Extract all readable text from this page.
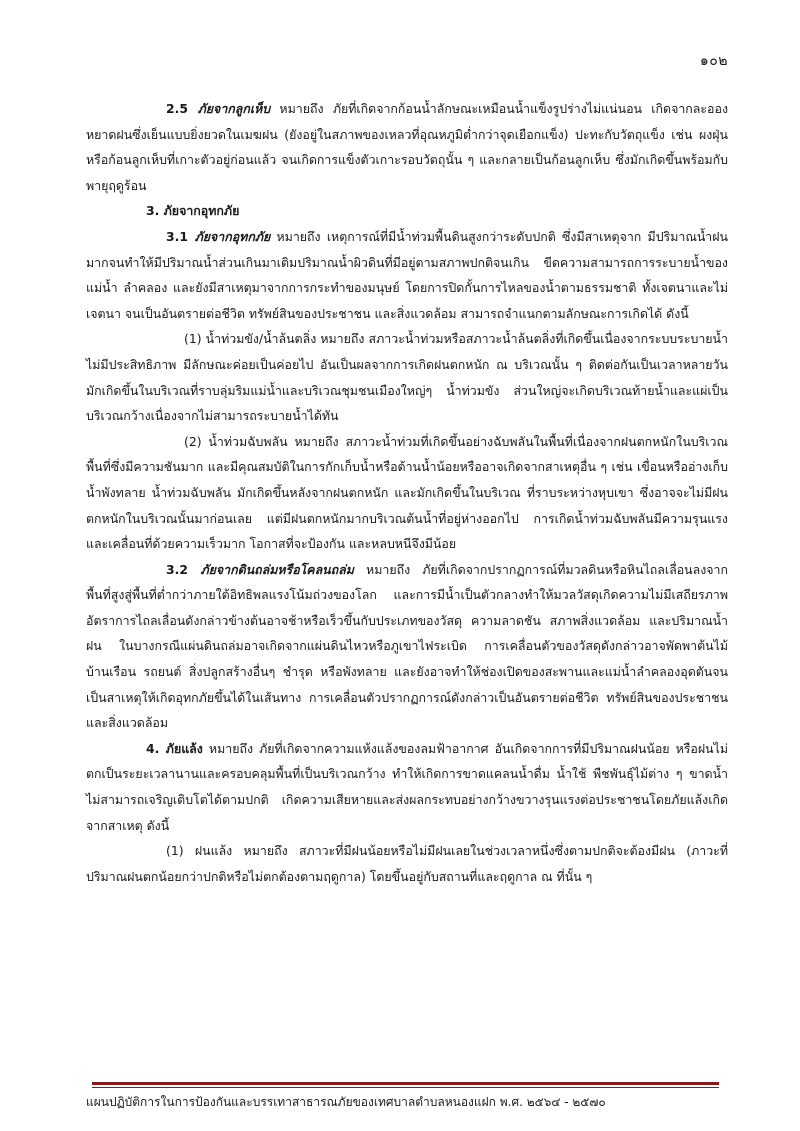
๑๐๒

2.5 ภัยจากลูกเห็บ หมายถึง ภัยที่เกิดจากก้อนน้ำลักษณะเหมือนน้ำแข็งรูปร่างไม่แน่นอน เกิดจากละอองหยาดฝนซึ่งเย็นแบบยิ่งยวดในเมฆฝน (ยังอยู่ในสภาพของเหลวที่อุณหภูมิต่ำกว่าจุดเยือกแข็ง) ปะทะกับวัตถุแข็ง เช่น ผงฝุ่น หรือก้อนลูกเห็บที่เกาะตัวอยู่ก่อนแล้ว จนเกิดการแข็งตัวเกาะรอบวัตถุนั้น ๆ และกลายเป็นก้อนลูกเห็บ ซึ่งมักเกิดขึ้นพร้อมกับพายุฤดูร้อน

3. ภัยจากอุทกภัย

3.1 ภัยจากอุทกภัย หมายถึง เหตุการณ์ที่มีน้ำท่วมพื้นดินสูงกว่าระดับปกติ ซึ่งมีสาเหตุจาก มีปริมาณน้ำฝนมากจนทำให้มีปริมาณน้ำส่วนเกินมาเติมปริมาณน้ำผิวดินที่มีอยู่ตามสภาพปกติจนเกิน ขีดความสามารถการระบายน้ำของแม่น้ำ ลำคลอง และยังมีสาเหตุมาจากการกระทำของมนุษย์ โดยการปิดกั้นการไหลของน้ำตามธรรมชาติ ทั้งเจตนาและไม่เจตนา จนเป็นอันตรายต่อชีวิต ทรัพย์สินของประชาชน และสิ่งแวดล้อม สามารถจำแนกตามลักษณะการเกิดได้ ดังนี้

(1) น้ำท่วมขัง/น้ำล้นตลิ่ง หมายถึง สภาวะน้ำท่วมหรือสภาวะน้ำล้นตลิ่งที่เกิดขึ้นเนื่องจากระบบระบายน้ำไม่มีประสิทธิภาพ มีลักษณะค่อยเป็นค่อยไป อันเป็นผลจากการเกิดฝนตกหนัก ณ บริเวณนั้น ๆ ติดต่อกันเป็นเวลาหลายวัน มักเกิดขึ้นในบริเวณที่ราบลุ่มริมแม่น้ำและบริเวณชุมชนเมืองใหญ่ๆ น้ำท่วมขัง ส่วนใหญ่จะเกิดบริเวณท้ายน้ำและแผ่เป็นบริเวณกว้างเนื่องจากไม่สามารถระบายน้ำได้ทัน

(2) น้ำท่วมฉับพลัน หมายถึง สภาวะน้ำท่วมที่เกิดขึ้นอย่างฉับพลันในพื้นที่เนื่องจากฝนตกหนักในบริเวณพื้นที่ซึ่งมีความชันมาก และมีคุณสมบัติในการกักเก็บน้ำหรือต้านน้ำน้อยหรืออาจเกิดจากสาเหตุอื่น ๆ เช่น เขื่อนหรืออ่างเก็บน้ำพังทลาย น้ำท่วมฉับพลัน มักเกิดขึ้นหลังจากฝนตกหนัก และมักเกิดขึ้นในบริเวณ ที่ราบระหว่างหุบเขา ซึ่งอาจจะไม่มีฝนตกหนักในบริเวณนั้นมาก่อนเลย แต่มีฝนตกหนักมากบริเวณต้นน้ำที่อยู่ห่างออกไป การเกิดน้ำท่วมฉับพลันมีความรุนแรงและเคลื่อนที่ด้วยความเร็วมาก โอกาสที่จะป้องกัน และหลบหนีจึงมีน้อย

3.2 ภัยจากดินถล่มหรือโคลนถล่ม หมายถึง ภัยที่เกิดจากปรากฏการณ์ที่มวลดินหรือหินไถลเลื่อนลงจากพื้นที่สูงสู่พื้นที่ต่ำกว่าภายใต้อิทธิพลแรงโน้มถ่วงของโลก และการมีน้ำเป็นตัวกลางทำให้มวลวัสดุเกิดความไม่มีเสถียรภาพ อัตราการไถลเลื่อนดังกล่าวข้างต้นอาจช้าหรือเร็วขึ้นกับประเภทของวัสดุ ความลาดชัน สภาพสิ่งแวดล้อม และปริมาณน้ำฝน ในบางกรณีแผ่นดินถล่มอาจเกิดจากแผ่นดินไหวหรือภูเขาไฟระเบิด การเคลื่อนตัวของวัสดุดังกล่าวอาจพัดพาต้นไม้ บ้านเรือน รถยนต์ สิ่งปลูกสร้างอื่นๆ ชำรุด หรือพังทลาย และยังอาจทำให้ช่องเปิดของสะพานและแม่น้ำลำคลองอุดตันจนเป็นสาเหตุให้เกิดอุทกภัยขึ้นได้ในเส้นทาง การเคลื่อนตัวปรากฏการณ์ดังกล่าวเป็นอันตรายต่อชีวิต ทรัพย์สินของประชาชนและสิ่งแวดล้อม

4. ภัยแล้ง หมายถึง ภัยที่เกิดจากความแห้งแล้งของลมฟ้าอากาศ อันเกิดจากการที่มีปริมาณฝนน้อย หรือฝนไม่ตกเป็นระยะเวลานานและครอบคลุมพื้นที่เป็นบริเวณกว้าง ทำให้เกิดการขาดแคลนน้ำดื่ม น้ำใช้ พืชพันธุ์ไม้ต่าง ๆ ขาดน้ำไม่สามารถเจริญเติบโตได้ตามปกติ เกิดความเสียหายและส่งผลกระทบอย่างกว้างขวางรุนแรงต่อประชาชนโดยภัยแล้งเกิดจากสาเหตุ ดังนี้

(1) ฝนแล้ง หมายถึง สภาวะที่มีฝนน้อยหรือไม่มีฝนเลยในช่วงเวลาหนึ่งซึ่งตามปกติจะต้องมีฝน (ภาวะที่ปริมาณฝนตกน้อยกว่าปกติหรือไม่ตกต้องตามฤดูกาล) โดยขึ้นอยู่กับสถานที่และฤดูกาล ณ ที่นั้น ๆ

แผนปฏิบัติการในการป้องกันและบรรเทาสาธารณภัยของเทศบาลตำบลหนองแฝก พ.ศ. ๒๕๖๔ - ๒๕๗๐
